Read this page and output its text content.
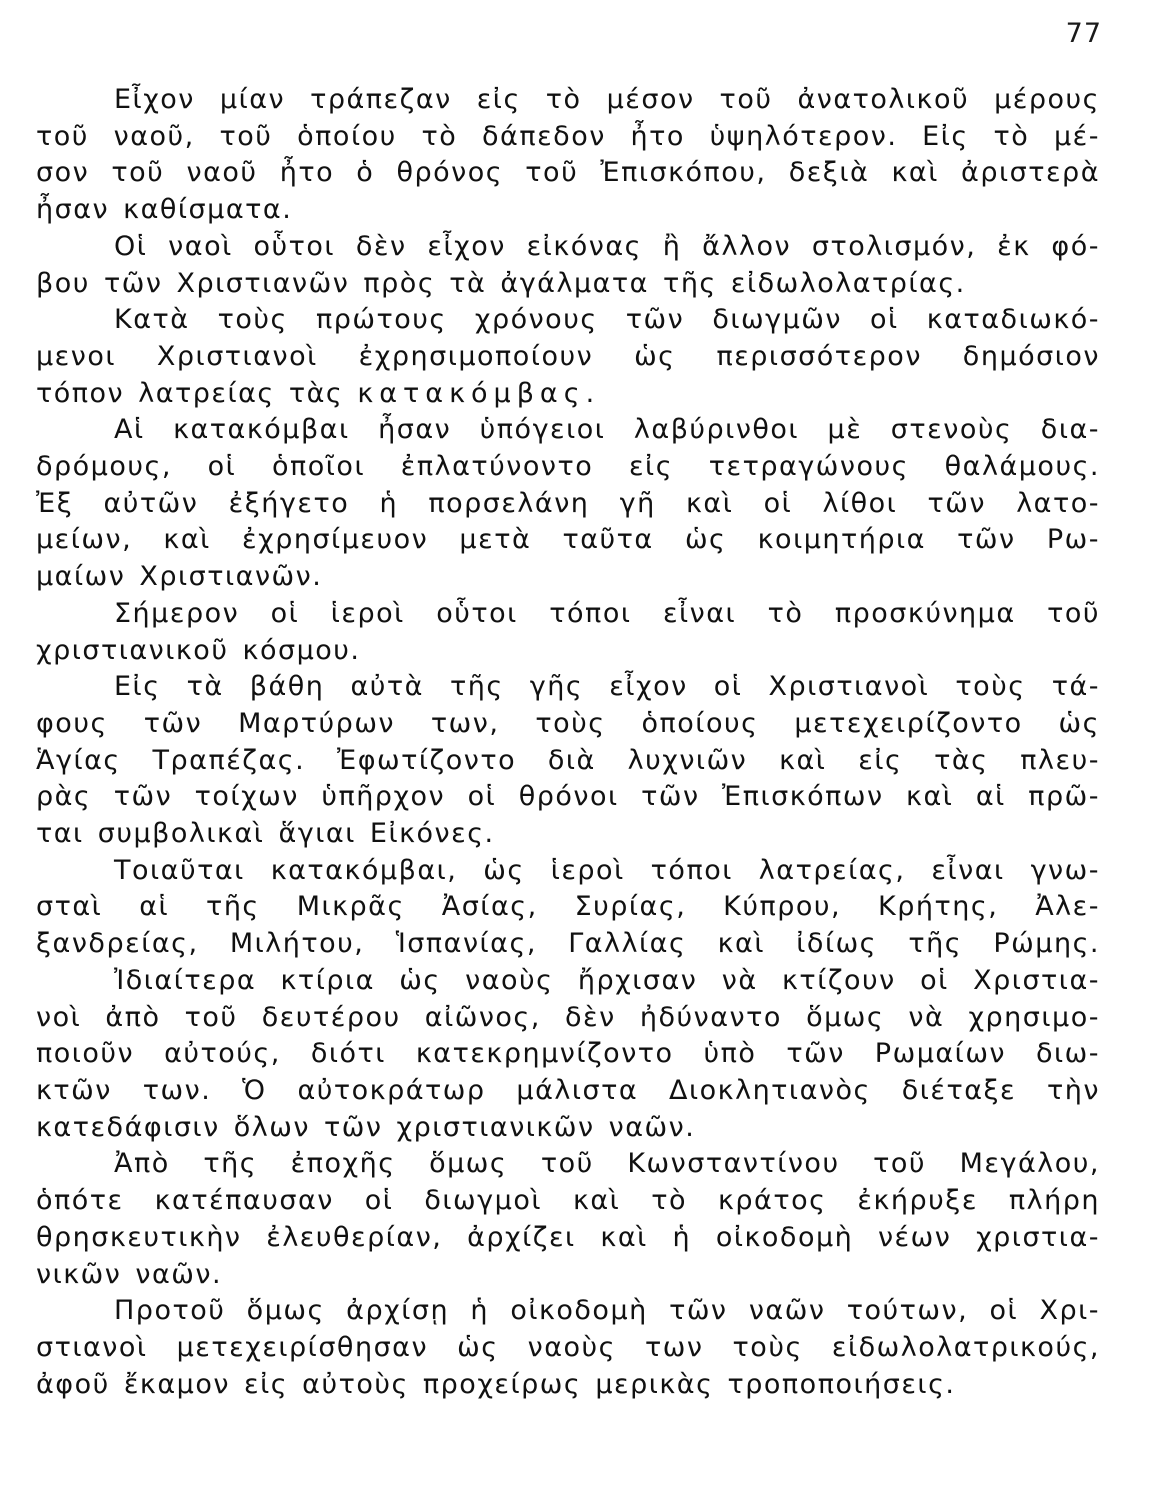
77
Εἶχον μίαν τράπεζαν εἰς τὸ μέσον τοῦ ἀνατολικοῦ μέρους
τοῦ ναοῦ, τοῦ ὁποίου τὸ δάπεδον ἦτο ὑψηλότερον. Εἰς τὸ μέ-
σον τοῦ ναοῦ ἦτο ὁ θρόνος τοῦ Ἐπισκόπου, δεξιὰ καὶ ἀριστερὰ
ἦσαν καθίσματα.
Οἱ ναοὶ οὗτοι δὲν εἶχον εἰκόνας ἢ ἄλλον στολισμόν, ἐκ φό-
βου τῶν Χριστιανῶν πρὸς τὰ ἀγάλματα τῆς εἰδωλολατρίας.
Κατὰ τοὺς πρώτους χρόνους τῶν διωγμῶν οἱ καταδιωκό-
μενοι Χριστιανοὶ ἐχρησιμοποίουν ὡς περισσότερον δημόσιον
τόπον λατρείας τὰς κατακόμβας.
Αἱ κατακόμβαι ἦσαν ὑπόγειοι λαβύρινθοι μὲ στενοὺς δια-
δρόμους, οἱ ὁποῖοι ἐπλατύνοντο εἰς τετραγώνους θαλάμους.
Ἐξ αὐτῶν ἐξήγετο ἡ πορσελάνη γῆ καὶ οἱ λίθοι τῶν λατο-
μείων, καὶ ἐχρησίμευον μετὰ ταῦτα ὡς κοιμητήρια τῶν Ρω-
μαίων Χριστιανῶν.
Σήμερον οἱ ἱεροὶ οὗτοι τόποι εἶναι τὸ προσκύνημα τοῦ
χριστιανικοῦ κόσμου.
Εἰς τὰ βάθη αὐτὰ τῆς γῆς εἶχον οἱ Χριστιανοὶ τοὺς τά-
φους τῶν Μαρτύρων των, τοὺς ὁποίους μετεχειρίζοντο ὡς
Ἁγίας Τραπέζας. Ἐφωτίζοντο διὰ λυχνιῶν καὶ εἰς τὰς πλευ-
ρὰς τῶν τοίχων ὑπῆρχον οἱ θρόνοι τῶν Ἐπισκόπων καὶ αἱ πρῶ-
ται συμβολικαὶ ἅγιαι Εἰκόνες.
Τοιαῦται κατακόμβαι, ὡς ἱεροὶ τόποι λατρείας, εἶναι γνω-
σταὶ αἱ τῆς Μικρᾶς Ἀσίας, Συρίας, Κύπρου, Κρήτης, Ἀλε-
ξανδρείας, Μιλήτου, Ἱσπανίας, Γαλλίας καὶ ἰδίως τῆς Ρώμης.
Ἰδιαίτερα κτίρια ὡς ναοὺς ἤρχισαν νὰ κτίζουν οἱ Χριστια-
νοὶ ἀπὸ τοῦ δευτέρου αἰῶνος, δὲν ἠδύναντο ὅμως νὰ χρησιμο-
ποιοῦν αὐτούς, διότι κατεκρημνίζοντο ὑπὸ τῶν Ρωμαίων διω-
κτῶν των. Ὁ αὐτοκράτωρ μάλιστα Διοκλητιανὸς διέταξε τὴν
κατεδάφισιν ὅλων τῶν χριστιανικῶν ναῶν.
Ἀπὸ τῆς ἐποχῆς ὅμως τοῦ Κωνσταντίνου τοῦ Μεγάλου,
ὁπότε κατέπαυσαν οἱ διωγμοὶ καὶ τὸ κράτος ἐκήρυξε πλήρη
θρησκευτικὴν ἐλευθερίαν, ἀρχίζει καὶ ἡ οἰκοδομὴ νέων χριστια-
νικῶν ναῶν.
Προτοῦ ὅμως ἀρχίσῃ ἡ οἰκοδομὴ τῶν ναῶν τούτων, οἱ Χρι-
στιανοὶ μετεχειρίσθησαν ὡς ναοὺς των τοὺς εἰδωλολατρικούς,
ἀφοῦ ἔκαμον εἰς αὐτοὺς προχείρως μερικὰς τροποποιήσεις.
